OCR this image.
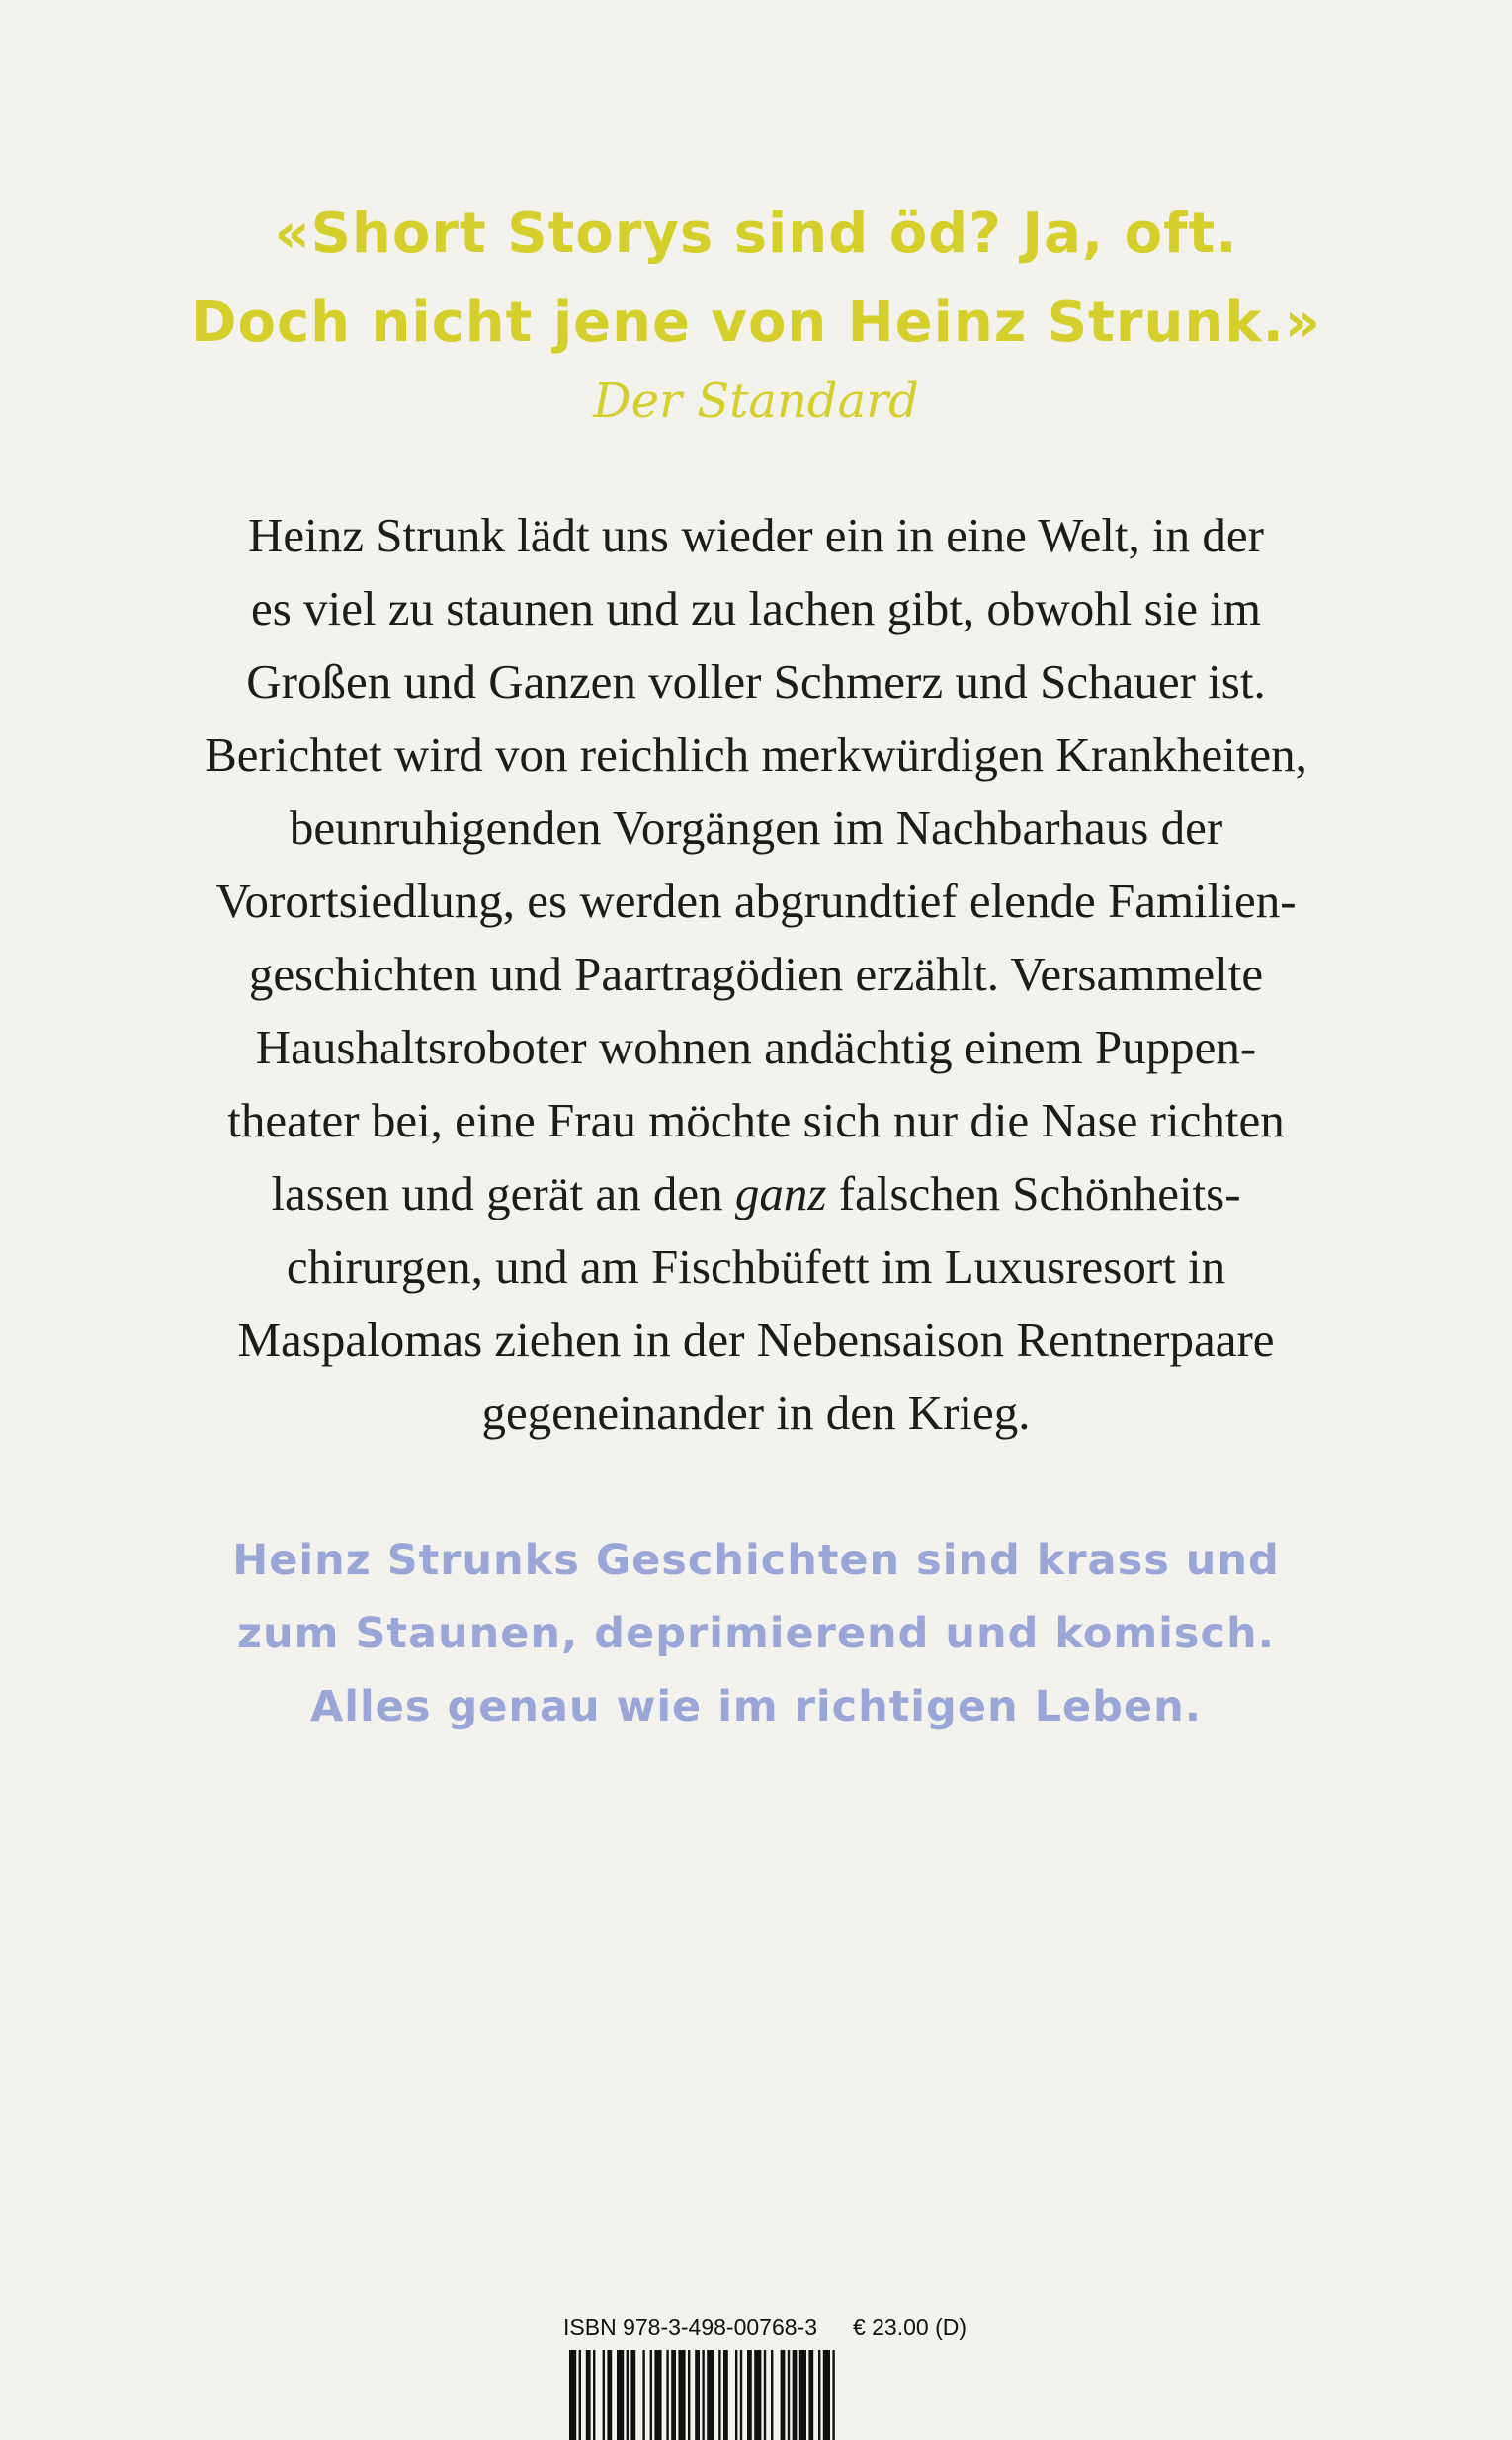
«Short Storys sind öd? Ja, oft.
Doch nicht jene von Heinz Strunk.»
Der Standard
Heinz Strunk lädt uns wieder ein in eine Welt, in der
es viel zu staunen und zu lachen gibt, obwohl sie im
Großen und Ganzen voller Schmerz und Schauer ist.
Berichtet wird von reichlich merkwürdigen Krankheiten,
beunruhigenden Vorgängen im Nachbarhaus der
Vorortsiedlung, es werden abgrundtief elende Familien-
geschichten und Paartragödien erzählt. Versammelte
Haushaltsroboter wohnen andächtig einem Puppen-
theater bei, eine Frau möchte sich nur die Nase richten
lassen und gerät an den ganz falschen Schönheits-
chirurgen, und am Fischbüfett im Luxusresort in
Maspalomas ziehen in der Nebensaison Rentnerpaare
gegeneinander in den Krieg.
Heinz Strunks Geschichten sind krass und
zum Staunen, deprimierend und komisch.
Alles genau wie im richtigen Leben.
ISBN 978-3-498-00768-3 € 23.00 (D)
